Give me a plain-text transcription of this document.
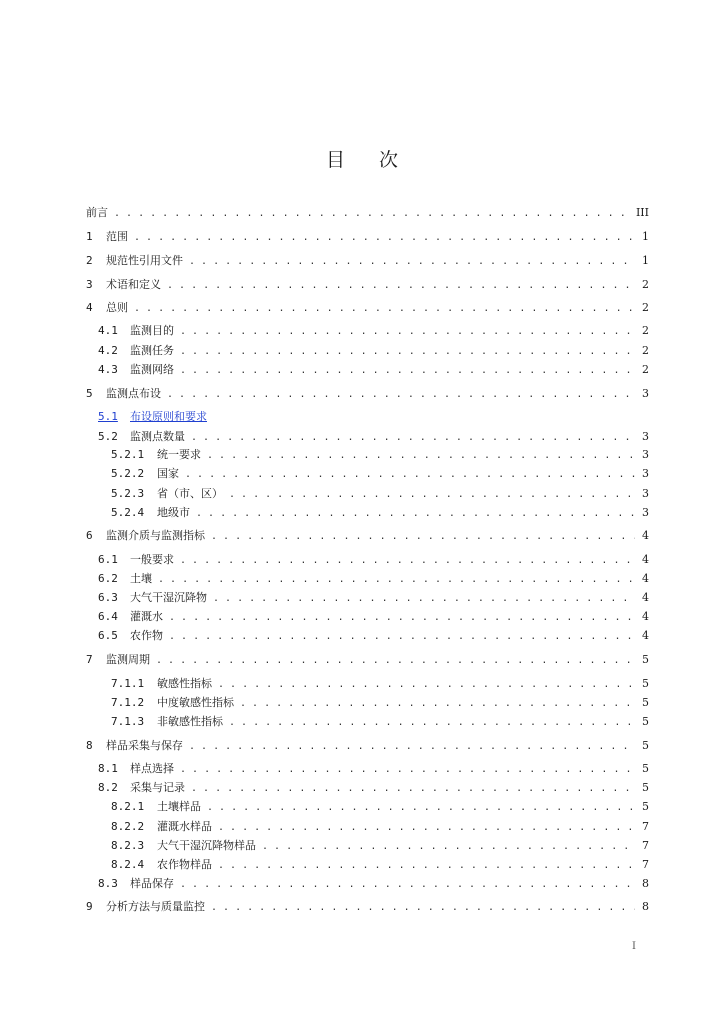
目 次
前言 . . .	III
1	范围 . . .	1
2	规范性引用文件 . . .	1
3	术语和定义 . . .	2
4	总则 . . .	2
4.1 监测目的 . . .	2
4.2 监测任务 . . .	2
4.3 监测网络 . . .	2
5	监测点布设 . . .	3
5.1 布设原则和要求
5.2 监测点数量 . . .	3
5.2.1 统一要求 . . .	3
5.2.2 国家 . . .	3
5.2.3 省（市、区） . . .	3
5.2.4 地级市 . . .	3
6	监测介质与监测指标 . . .	4
6.1 一般要求 . . .	4
6.2 土壤 . . .	4
6.3 大气干湿沉降物 . . .	4
6.4 灌溉水 . . .	4
6.5 农作物 . . .	4
7	监测周期 . . .	5
7.1.1 敏感性指标 . . .	5
7.1.2 中度敏感性指标 . . .	5
7.1.3 非敏感性指标 . . .	5
8	样品采集与保存 . . .	5
8.1 样点选择 . . .	5
8.2 采集与记录 . . .	5
8.2.1 土壤样品 . . .	5
8.2.2 灌溉水样品 . . .	7
8.2.3 大气干湿沉降物样品 . . .	7
8.2.4 农作物样品 . . .	7
8.3 样品保存 . . .	8
9	分析方法与质量监控 . . .	8
I
